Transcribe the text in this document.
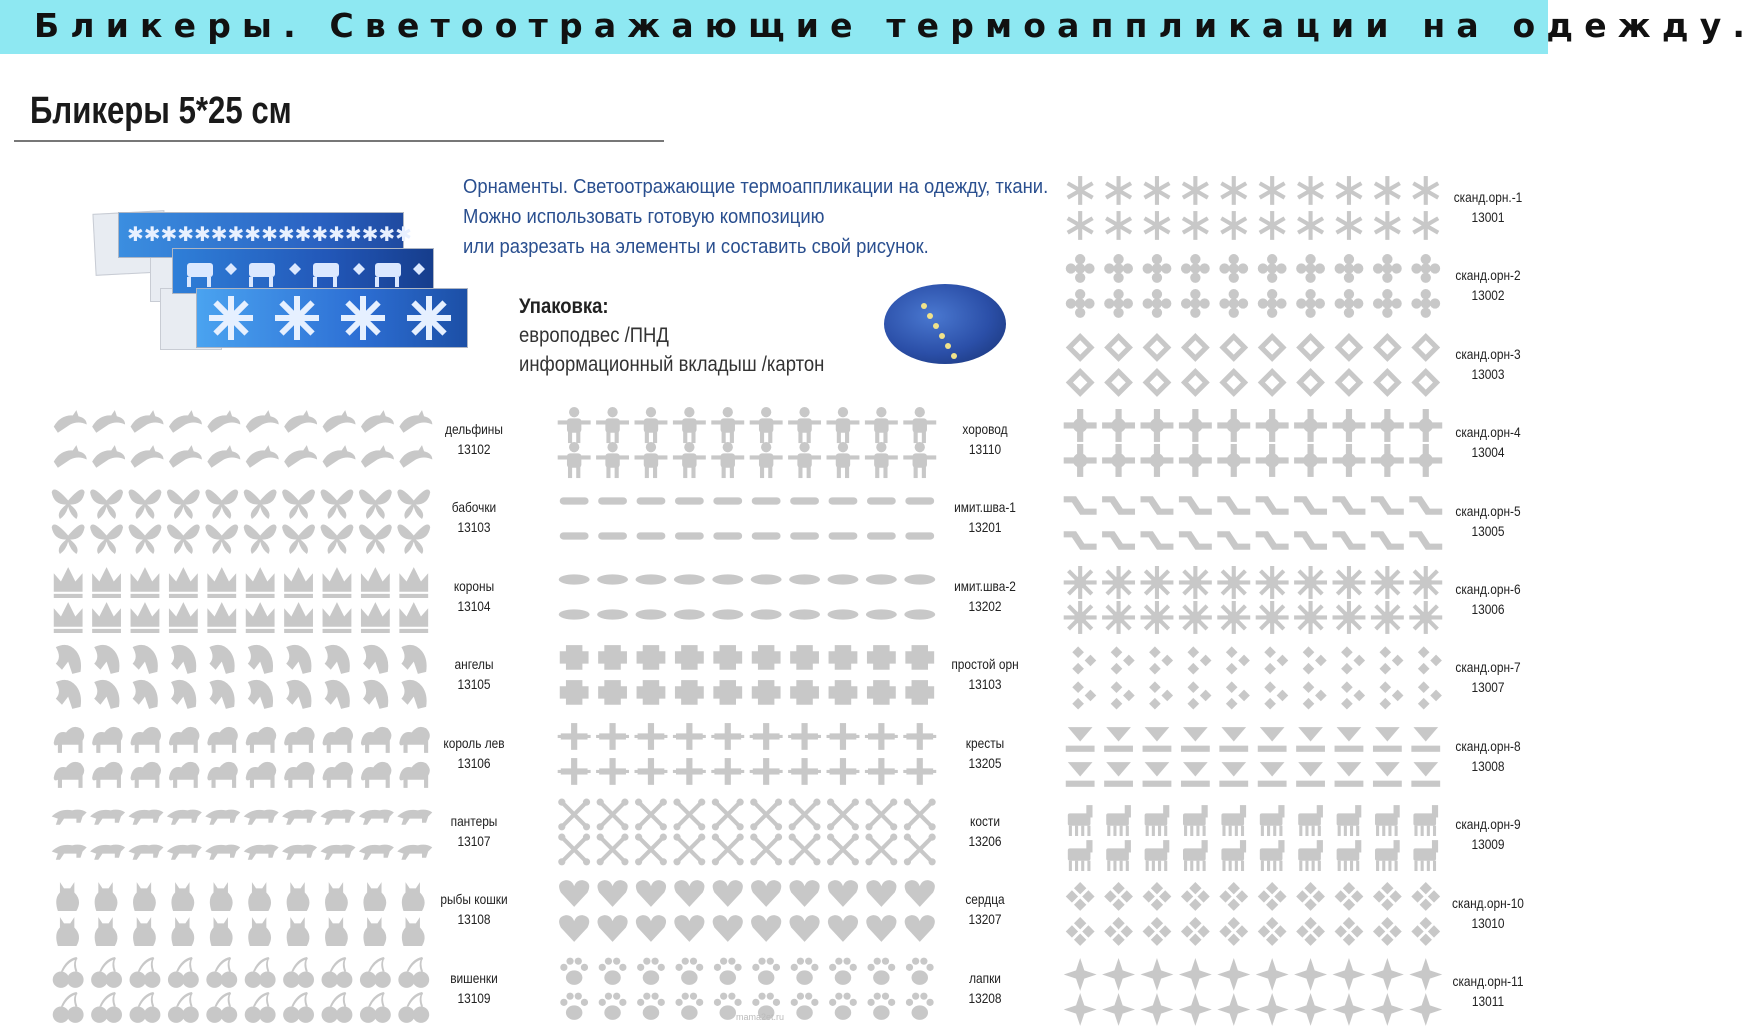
Бликеры. Светоотражающие термоаппликации на одежду.
Бликеры 5*25 см
✱✱✱✱✱✱✱✱✱✱✱✱✱✱✱✱✱
Орнаменты. Светоотражающие термоаппликации на одежду, ткани.
Можно использовать готовую композицию
или разрезать на элементы и составить свой рисунок.
Упаковка:
европодвес /ПНД
информационный вкладыш /картон
дельфины
13102
бабочки
13103
короны
13104
ангелы
13105
король лев
13106
пантеры
13107
рыбы кошки
13108
вишенки
13109
хоровод
13110
имит.шва-1
13201
имит.шва-2
13202
простой орн
13103
кресты
13205
кости
13206
сердца
13207
лапки
13208
сканд.орн.-1
13001
сканд.орн-2
13002
сканд.орн-3
13003
сканд.орн-4
13004
сканд.орн-5
13005
сканд.орн-6
13006
сканд.орн-7
13007
сканд.орн-8
13008
сканд.орн-9
13009
сканд.орн-10
13010
сканд.орн-11
13011
mama2et.ru
